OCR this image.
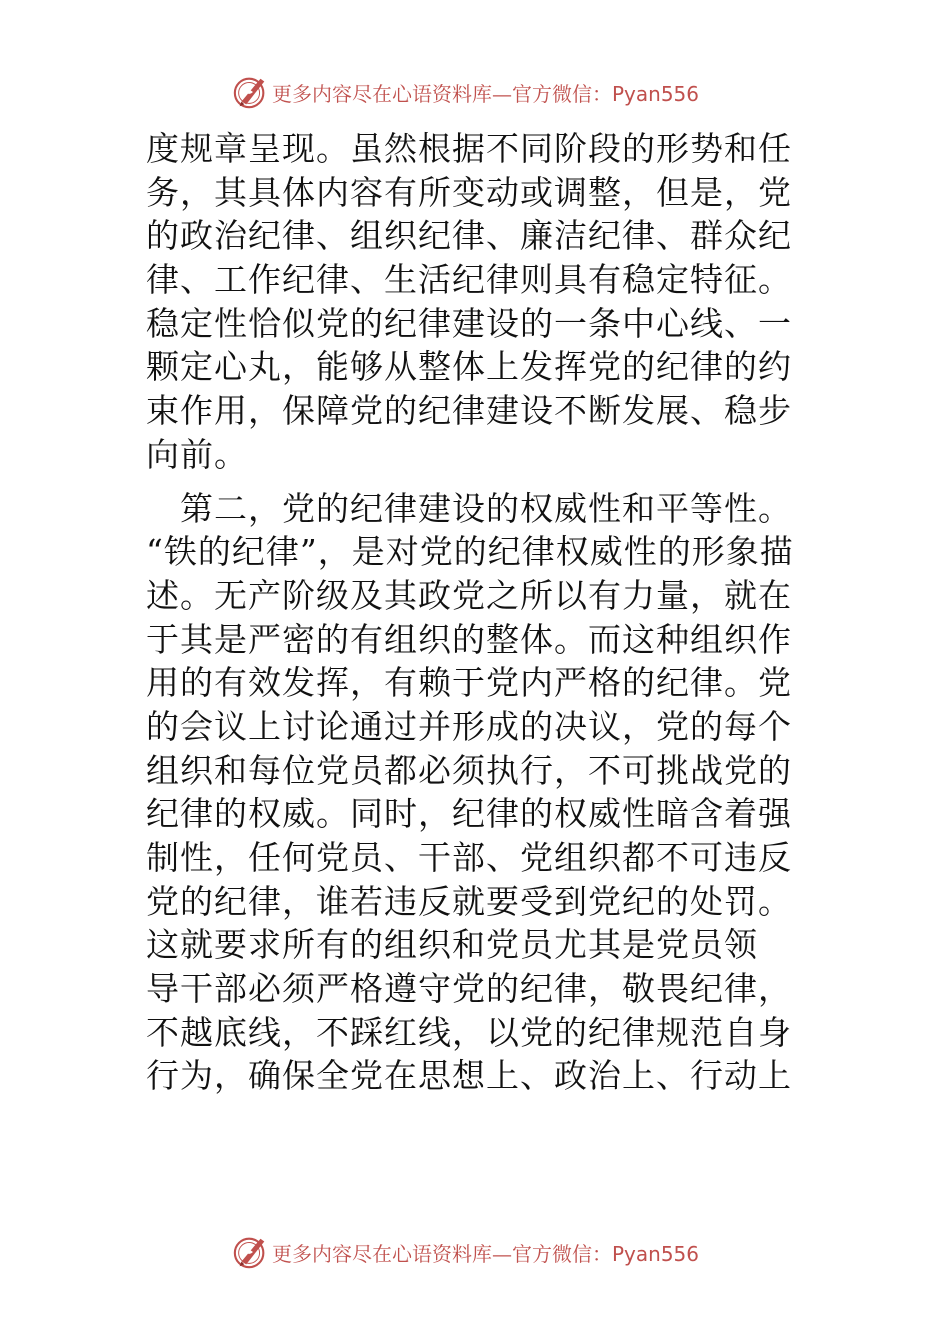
更多内容尽在心语资料库—官方微信：Pyan556
度规章呈现。虽然根据不同阶段的形势和任
务，其具体内容有所变动或调整，但是，党
的政治纪律、组织纪律、廉洁纪律、群众纪
律、工作纪律、生活纪律则具有稳定特征。
稳定性恰似党的纪律建设的一条中心线、一
颗定心丸，能够从整体上发挥党的纪律的约
束作用，保障党的纪律建设不断发展、稳步
向前。
　第二，党的纪律建设的权威性和平等性。
“铁的纪律”，是对党的纪律权威性的形象描
述。无产阶级及其政党之所以有力量，就在
于其是严密的有组织的整体。而这种组织作
用的有效发挥，有赖于党内严格的纪律。党
的会议上讨论通过并形成的决议，党的每个
组织和每位党员都必须执行，不可挑战党的
纪律的权威。同时，纪律的权威性暗含着强
制性，任何党员、干部、党组织都不可违反
党的纪律，谁若违反就要受到党纪的处罚。
这就要求所有的组织和党员尤其是党员领
导干部必须严格遵守党的纪律，敬畏纪律，
不越底线，不踩红线，以党的纪律规范自身
行为，确保全党在思想上、政治上、行动上
更多内容尽在心语资料库—官方微信：Pyan556
